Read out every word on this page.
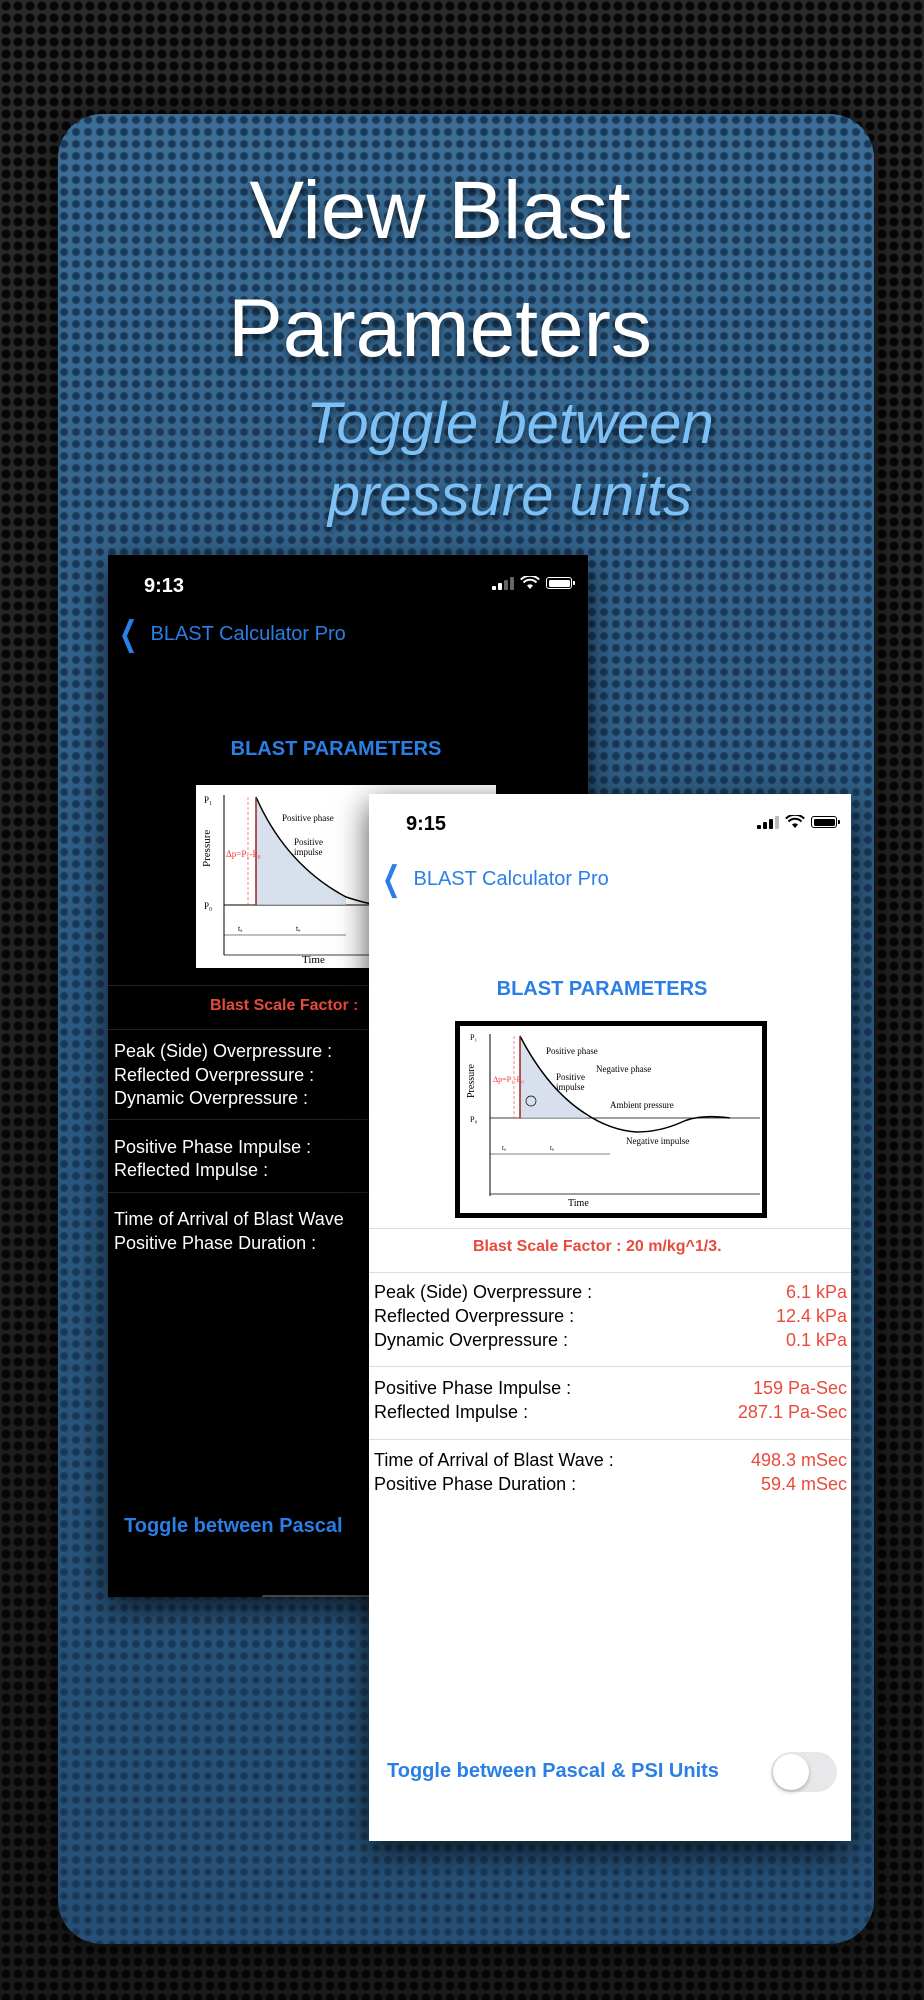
View Blast
Parameters
Toggle between
pressure units
9:13
❮ BLAST Calculator Pro
BLAST PARAMETERS
P₁
P₀
Pressure Δp=P₁-P₀
Positive phase
Positive
impulse
tₐ	tₔ
Time
Blast Scale Factor :
Peak (Side) Overpressure :
Reflected Overpressure :
Dynamic Overpressure :
Positive Phase Impulse :
Reflected Impulse :
Time of Arrival of Blast Wave
Positive Phase Duration :
Toggle between Pascal
9:15
❮ BLAST Calculator Pro
BLAST PARAMETERS
P₁
P₀
Pressure Δp=P₁-P₀
Positive phase
Positive
impulse
Negative phase
Ambient pressure
Negative impulse
tₐ	tₔ
Time
Blast Scale Factor : 20 m/kg^1/3.
Peak (Side) Overpressure :	6.1 kPa
Reflected Overpressure :	12.4 kPa
Dynamic Overpressure :	0.1 kPa
Positive Phase Impulse :	159 Pa-Sec
Reflected Impulse :	287.1 Pa-Sec
Time of Arrival of Blast Wave :	498.3 mSec
Positive Phase Duration :	59.4 mSec
Toggle between Pascal & PSI Units
